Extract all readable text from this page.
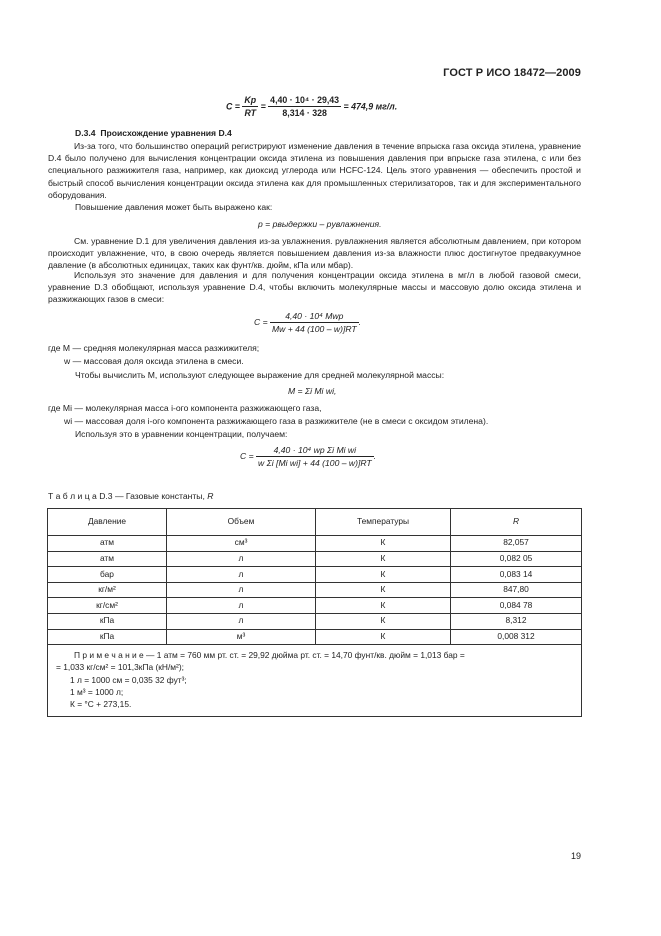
ГОСТ Р ИСО 18472—2009
$C = \frac{Kp}{RT} = \frac{\text{4,40 · 10⁴ · 29,43}}{8,314 \cdot 328} = 474,9$ мг/л.
D.3.4 Происхождение уравнения D.4
Из-за того, что большинство операций регистрируют изменение давления в течение впрыска газа оксида этилена, уравнение D.4 было получено для вычисления концентрации оксида этилена из повышения давления при впрыске газа этилена, с или без специального разжижителя газа, например, как диоксид углерода или HCFC-124. Цель этого уравнения — обеспечить простой и быстрый способ вычисления концентрации оксида этилена как для промышленных стерилизаторов, так и для экспериментального оборудования.
Повышение давления может быть выражено как:
p = pвыдержки – pувлажнения.
См. уравнение D.1 для увеличения давления из-за увлажнения. pувлажнения является абсолютным давлением, при котором происходит увлажнение, что, в свою очередь является повышением давления из-за влажности плюс достигнутое предвакуумное давление (в абсолютных единицах, таких как фунт/кв. дюйм, кПа или мбар).
Используя это значение для давления и для получения концентрации оксида этилена в мг/л в любой газовой смеси, уравнение D.3 обобщают, используя уравнение D.4, чтобы включить молекулярные массы и массовую долю оксида этилена и разжижающих газов в смеси:
$C = \frac{\text{4,40 · 10⁴ Mwp}}{Mw + 44 (100 - w)]RT}$ .
где M — средняя молекулярная масса разжижителя;
w — массовая доля оксида этилена в смеси.
Чтобы вычислить M, используют следующее выражение для средней молекулярной массы:
M = Σi Mi wi,
где Mi — молекулярная масса i-ого компонента разжижающего газа,
wi — массовая доля i-ого компонента разжижающего газа в разжижителе (не в смеси с оксидом этилена).
Используя это в уравнении концентрации, получаем:
$C = \frac{\text{4,40 · 10⁴ wp Σi Mi wi}}{\text{w Σi [Mi wi] + 44 (100 – w)]RT}}$ .
Т а б л и ц а D.3 — Газовые константы, R
Давление	Объем	Температуры	R
атм	см³	К	82,057
атм	л	К	0,082 05
бар	л	К	0,083 14
кг/м²	л	К	847,80
кг/см²	л	К	0,084 78
кПа	л	К	8,312
кПа	м³	К	0,008 312

П р и м е ч а н и е — 1 атм = 760 мм рт. ст. = 29,92 дюйма рт. ст. = 14,70 фунт/кв. дюйм = 1,013 бар =
= 1,033 кг/см² = 101,3кПа (кН/м²);
1 л = 1000 см = 0,035 32 фут³;
1 м³ = 1000 л;
К = °С + 273,15.			
19
